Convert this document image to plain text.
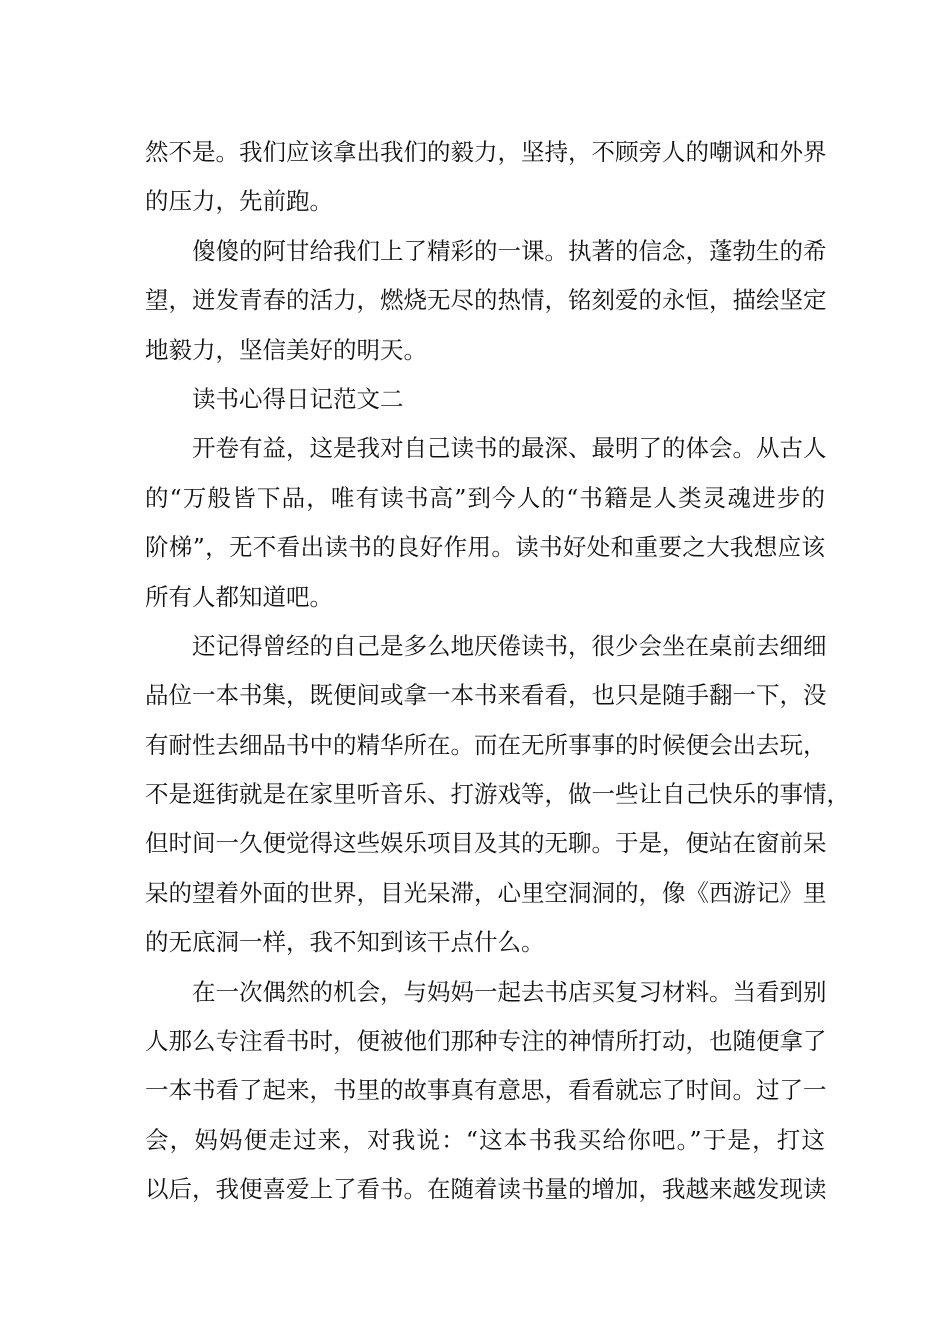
然不是。我们应该拿出我们的毅力，坚持，不顾旁人的嘲讽和外界
的压力，先前跑。
傻傻的阿甘给我们上了精彩的一课。执著的信念，蓬勃生的希
望，迸发青春的活力，燃烧无尽的热情，铭刻爱的永恒，描绘坚定
地毅力，坚信美好的明天。
读书心得日记范文二
开卷有益，这是我对自己读书的最深、最明了的体会。从古人
的“万般皆下品，唯有读书高”到今人的“书籍是人类灵魂进步的
阶梯”，无不看出读书的良好作用。读书好处和重要之大我想应该
所有人都知道吧。
还记得曾经的自己是多么地厌倦读书，很少会坐在桌前去细细
品位一本书集，既便间或拿一本书来看看，也只是随手翻一下，没
有耐性去细品书中的精华所在。而在无所事事的时候便会出去玩，
不是逛街就是在家里听音乐、打游戏等，做一些让自己快乐的事情，
但时间一久便觉得这些娱乐项目及其的无聊。于是，便站在窗前呆
呆的望着外面的世界，目光呆滞，心里空洞洞的，像《西游记》里
的无底洞一样，我不知到该干点什么。
在一次偶然的机会，与妈妈一起去书店买复习材料。当看到别
人那么专注看书时，便被他们那种专注的神情所打动，也随便拿了
一本书看了起来，书里的故事真有意思，看看就忘了时间。过了一
会，妈妈便走过来，对我说：“这本书我买给你吧。”于是，打这
以后，我便喜爱上了看书。在随着读书量的增加，我越来越发现读
